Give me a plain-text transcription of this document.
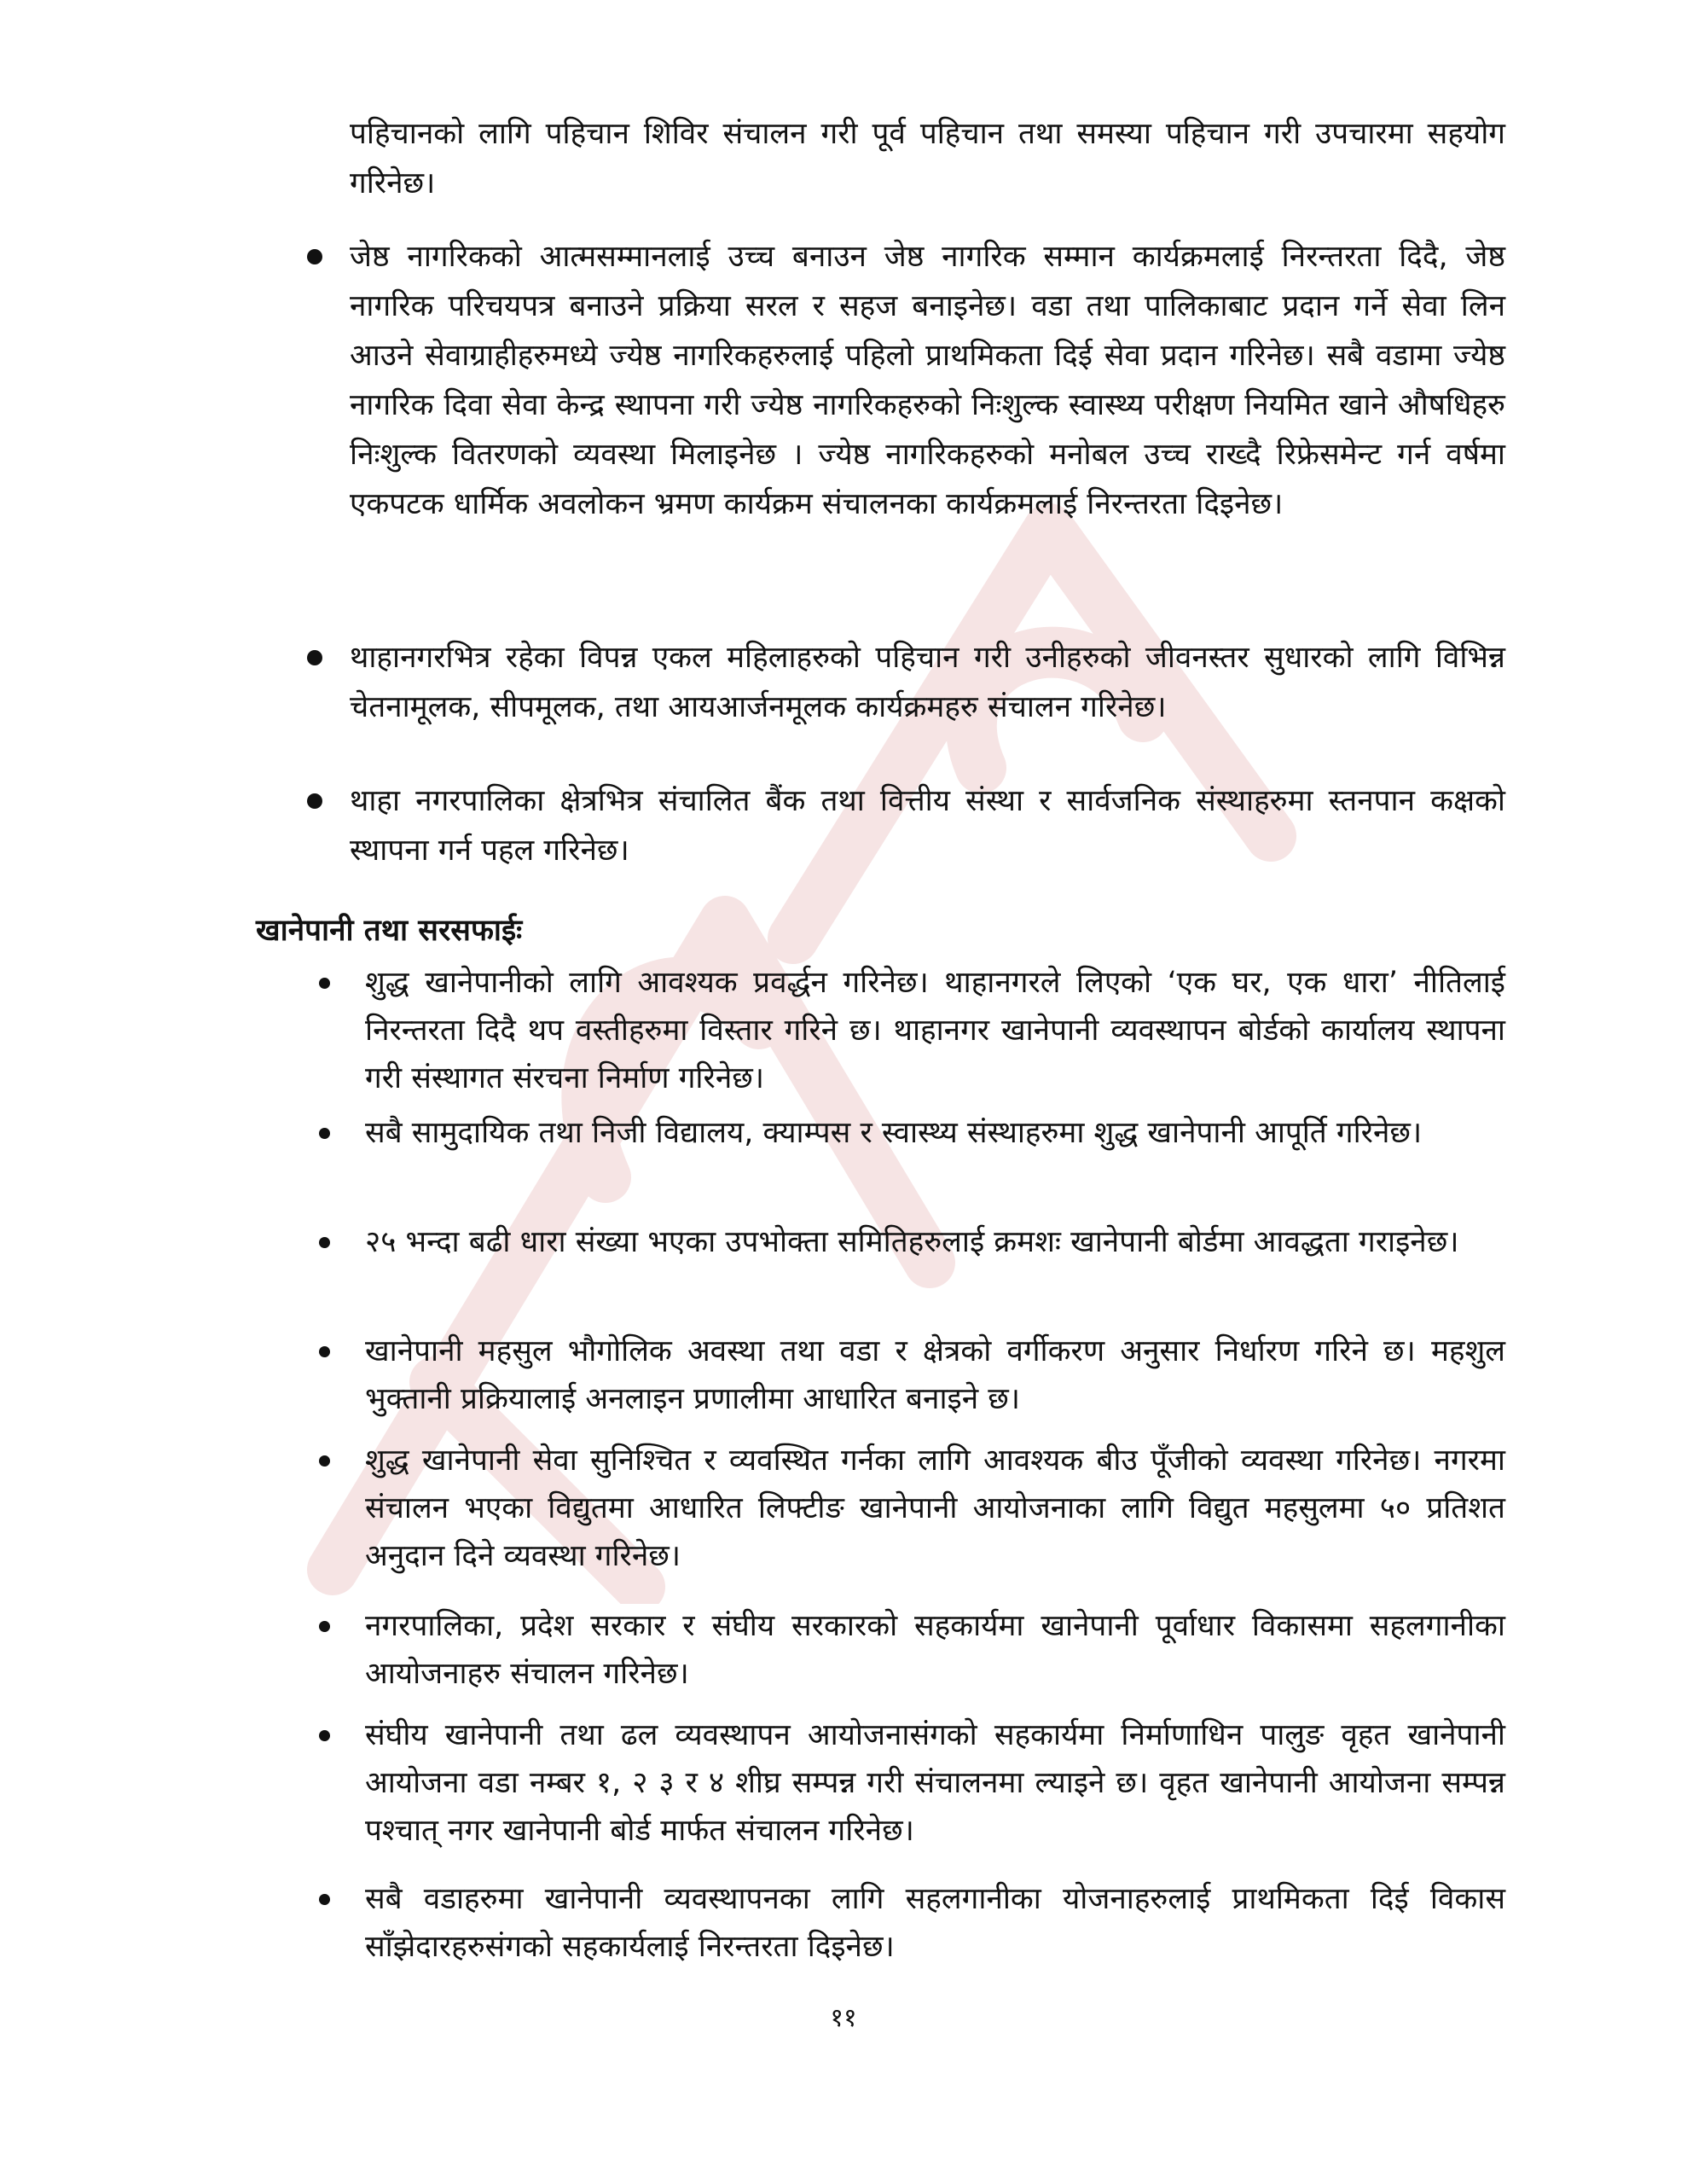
पहिचानको लागि पहिचान शिविर संचालन गरी पूर्व पहिचान तथा समस्या पहिचान गरी उपचारमा सहयोग गरिनेछ।
जेष्ठ नागरिकको आत्मसम्मानलाई उच्च बनाउन जेष्ठ नागरिक सम्मान कार्यक्रमलाई निरन्तरता दिदै, जेष्ठ नागरिक परिचयपत्र बनाउने प्रक्रिया सरल र सहज बनाइनेछ। वडा तथा पालिकाबाट प्रदान गर्ने सेवा लिन आउने सेवाग्राहीहरुमध्ये ज्येष्ठ नागरिकहरुलाई पहिलो प्राथमिकता दिई सेवा प्रदान गरिनेछ। सबै वडामा ज्येष्ठ नागरिक दिवा सेवा केन्द्र स्थापना गरी ज्येष्ठ नागरिकहरुको निःशुल्क स्वास्थ्य परीक्षण नियमित खाने औषधिहरु निःशुल्क वितरणको व्यवस्था मिलाइनेछ । ज्येष्ठ नागरिकहरुको मनोबल उच्च राख्दै रिफ्रेसमेन्ट गर्न वर्षमा एकपटक धार्मिक अवलोकन भ्रमण कार्यक्रम संचालनका कार्यक्रमलाई निरन्तरता दिइनेछ।
थाहानगरभित्र रहेका विपन्न एकल महिलाहरुको पहिचान गरी उनीहरुको जीवनस्तर सुधारको लागि विभिन्न चेतनामूलक, सीपमूलक, तथा आयआर्जनमूलक कार्यक्रमहरु संचालन गरिनेछ।
थाहा नगरपालिका क्षेत्रभित्र संचालित बैंक तथा वित्तीय संस्था र सार्वजनिक संस्थाहरुमा स्तनपान कक्षको स्थापना गर्न पहल गरिनेछ।
खानेपानी तथा सरसफाईः
शुद्ध खानेपानीको लागि आवश्यक प्रवर्द्धन गरिनेछ। थाहानगरले लिएको ‘एक घर, एक धारा’ नीतिलाई निरन्तरता दिदै थप वस्तीहरुमा विस्तार गरिने छ। थाहानगर खानेपानी व्यवस्थापन बोर्डको कार्यालय स्थापना गरी संस्थागत संरचना निर्माण गरिनेछ।
सबै सामुदायिक तथा निजी विद्यालय, क्याम्पस र स्वास्थ्य संस्थाहरुमा शुद्ध खानेपानी आपूर्ति गरिनेछ।
२५ भन्दा बढी धारा संख्या भएका उपभोक्ता समितिहरुलाई क्रमशः खानेपानी बोर्डमा आवद्धता गराइनेछ।
खानेपानी महसुल भौगोलिक अवस्था तथा वडा र क्षेत्रको वर्गीकरण अनुसार निर्धारण गरिने छ। महशुल भुक्तानी प्रक्रियालाई अनलाइन प्रणालीमा आधारित बनाइने छ।
शुद्ध खानेपानी सेवा सुनिश्चित र व्यवस्थित गर्नका लागि आवश्यक बीउ पूँजीको व्यवस्था गरिनेछ। नगरमा संचालन भएका विद्युतमा आधारित लिफ्टीङ खानेपानी आयोजनाका लागि विद्युत महसुलमा ५० प्रतिशत अनुदान दिने व्यवस्था गरिनेछ।
नगरपालिका, प्रदेश सरकार र संघीय सरकारको सहकार्यमा खानेपानी पूर्वाधार विकासमा सहलगानीका आयोजनाहरु संचालन गरिनेछ।
संघीय खानेपानी तथा ढल व्यवस्थापन आयोजनासंगको सहकार्यमा निर्माणाधिन पालुङ वृहत खानेपानी आयोजना वडा नम्बर १, २ ३ र ४ शीघ्र सम्पन्न गरी संचालनमा ल्याइने छ। वृहत खानेपानी आयोजना सम्पन्न पश्चात् नगर खानेपानी बोर्ड मार्फत संचालन गरिनेछ।
सबै वडाहरुमा खानेपानी व्यवस्थापनका लागि सहलगानीका योजनाहरुलाई प्राथमिकता दिई विकास साँझेदारहरुसंगको सहकार्यलाई निरन्तरता दिइनेछ।
११
